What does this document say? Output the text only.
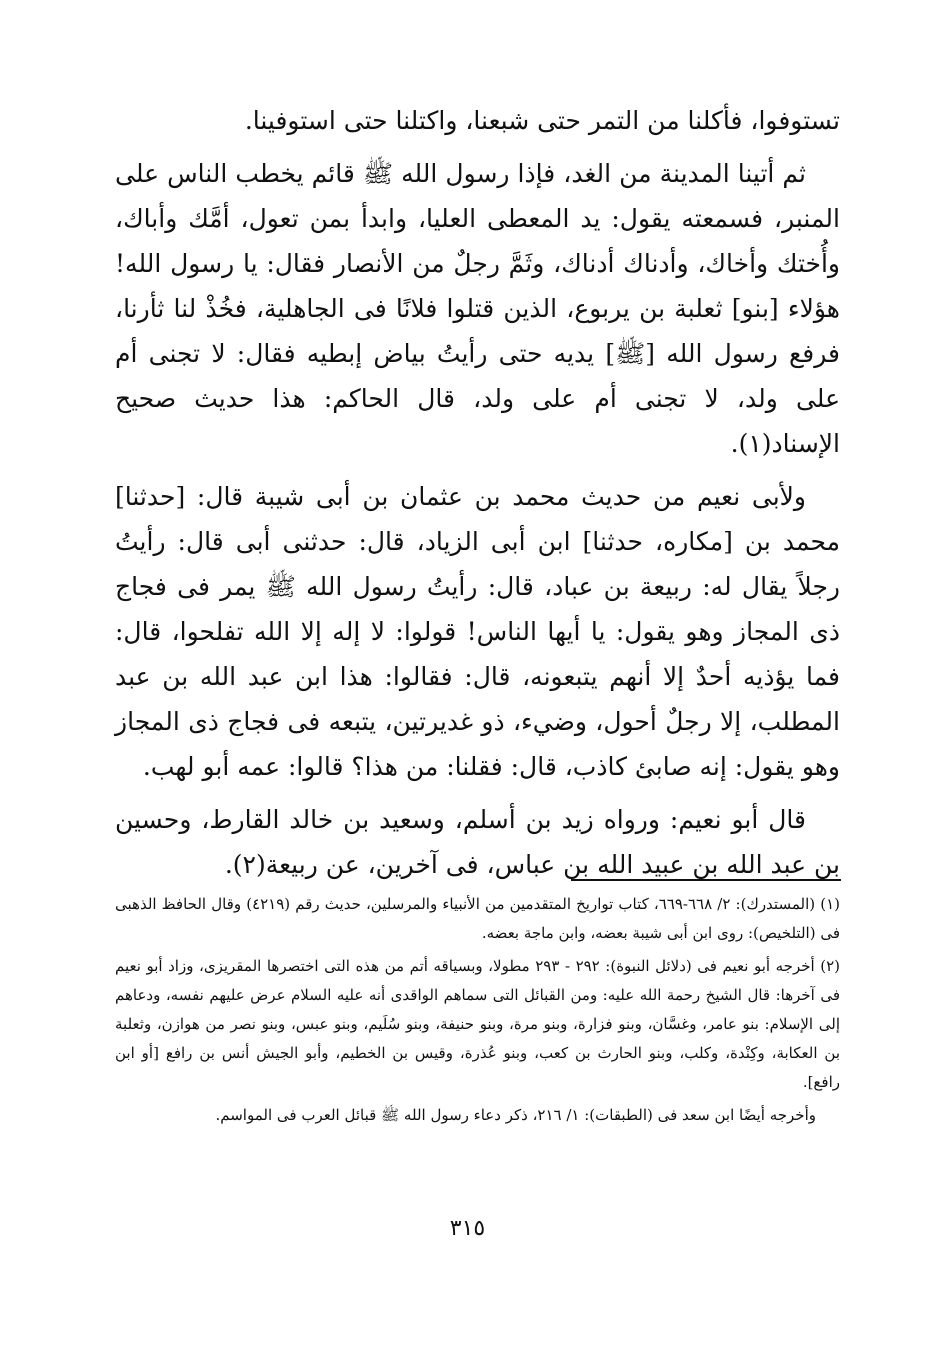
تستوفوا، فأكلنا من التمر حتى شبعنا، واكتلنا حتى استوفينا.

ثم أتينا المدينة من الغد، فإذا رسول الله ﷺ قائم يخطب الناس على المنبر، فسمعته يقول: يد المعطى العليا، وابدأ بمن تعول، أمَّك وأباك، وأُختك وأخاك، وأدناك أدناك، وثَمَّ رجلٌ من الأنصار فقال: يا رسول الله! هؤلاء [بنو] ثعلبة بن يربوع، الذين قتلوا فلانًا فى الجاهلية، فخُذْ لنا ثأرنا، فرفع رسول الله [ﷺ] يديه حتى رأيتُ بياض إبطيه فقال: لا تجنى أم على ولد، لا تجنى أم على ولد، قال الحاكم: هذا حديث صحيح الإسناد(١).

ولأبى نعيم من حديث محمد بن عثمان بن أبى شيبة قال: [حدثنا] محمد بن [مكاره، حدثنا] ابن أبى الزياد، قال: حدثنى أبى قال: رأيتُ رجلاً يقال له: ربيعة بن عباد، قال: رأيتُ رسول الله ﷺ يمر فى فجاج ذى المجاز وهو يقول: يا أيها الناس! قولوا: لا إله إلا الله تفلحوا، قال: فما يؤذيه أحدٌ إلا أنهم يتبعونه، قال: فقالوا: هذا ابن عبد الله بن عبد المطلب، إلا رجلٌ أحول، وضيء، ذو غديرتين، يتبعه فى فجاج ذى المجاز وهو يقول: إنه صابئ كاذب، قال: فقلنا: من هذا؟ قالوا: عمه أبو لهب.

قال أبو نعيم: ورواه زيد بن أسلم، وسعيد بن خالد القارط، وحسين بن عبد الله بن عبيد الله بن عباس، فى آخرين، عن ربيعة(٢).

(١) (المستدرك): ٢/ ٦٦٨-٦٦٩، كتاب تواريخ المتقدمين من الأنبياء والمرسلين، حديث رقم (٤٢١٩) وقال الحافظ الذهبى فى (التلخيص): روى ابن أبى شيبة بعضه، وابن ماجة بعضه.

(٢) أخرجه أبو نعيم فى (دلائل النبوة): ٢٩٢ - ٢٩٣ مطولا، وبسياقه أتم من هذه التى اختصرها المقريزى، وزاد أبو نعيم فى آخرها: قال الشيخ رحمة الله عليه: ومن القبائل التى سماهم الواقدى أنه عليه السلام عرض عليهم نفسه، ودعاهم إلى الإسلام: بنو عامر، وغسَّان، وبنو فزارة، وبنو مرة، وبنو حنيفة، وبنو سُلَيم، وبنو عبس، وبنو نصر من هوازن، وثعلبة بن العكابة، وكِنْدة، وكلب، وبنو الحارث بن كعب، وبنو عُذرة، وقيس بن الخطيم، وأبو الجيش أنس بن رافع [أو ابن رافع].

وأخرجه أيضًا ابن سعد فى (الطبقات): ١/ ٢١٦، ذكر دعاء رسول الله ﷺ قبائل العرب فى المواسم.

٣١٥
